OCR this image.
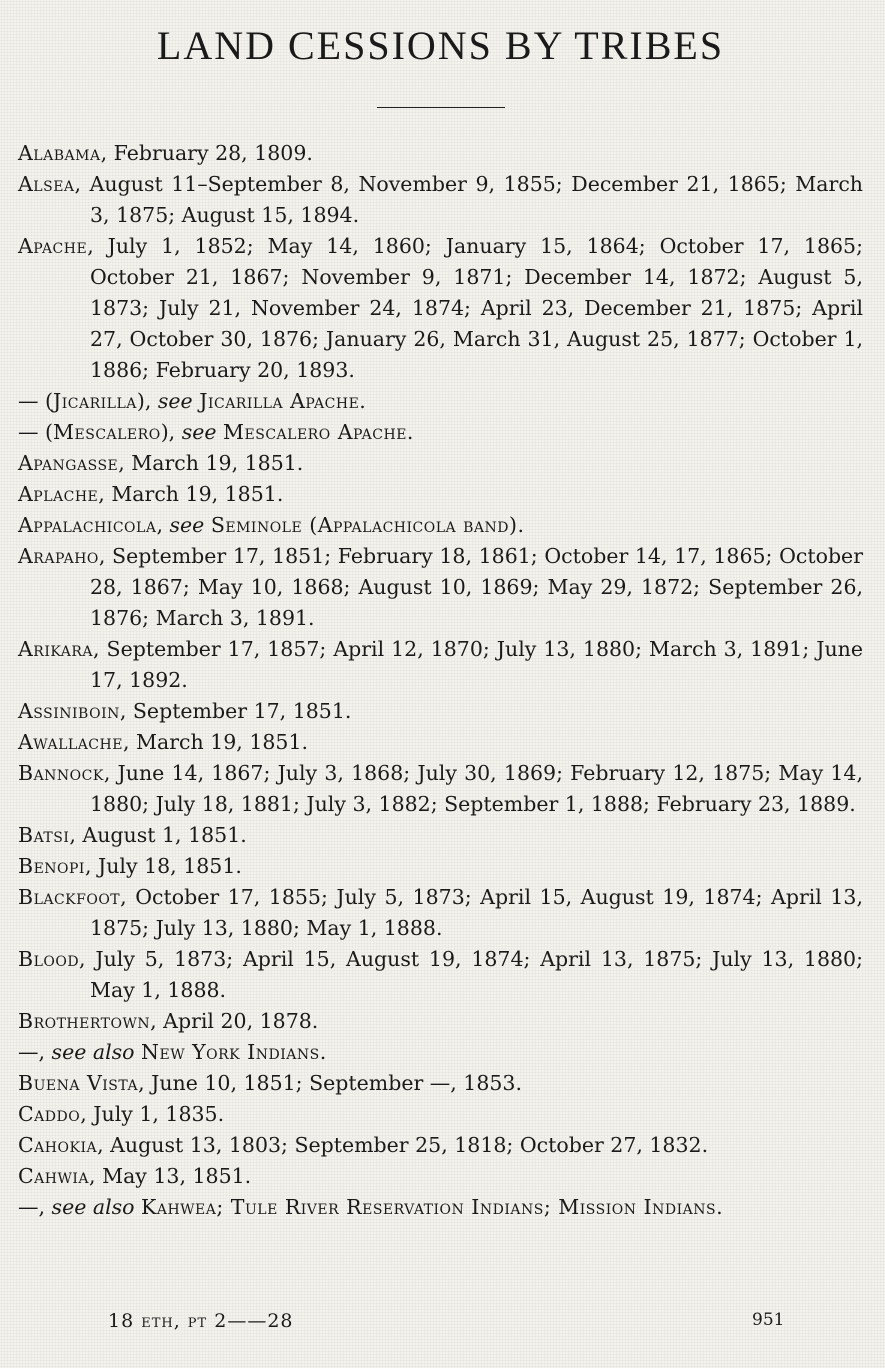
LAND CESSIONS BY TRIBES
Alabama, February 28, 1809.
Alsea, August 11–September 8, November 9, 1855; December 21, 1865; March 3, 1875; August 15, 1894.
Apache, July 1, 1852; May 14, 1860; January 15, 1864; October 17, 1865; October 21, 1867; November 9, 1871; December 14, 1872; August 5, 1873; July 21, November 24, 1874; April 23, December 21, 1875; April 27, October 30, 1876; January 26, March 31, August 25, 1877; October 1, 1886; February 20, 1893.
— (Jicarilla), see Jicarilla Apache.
— (Mescalero), see Mescalero Apache.
Apangasse, March 19, 1851.
Aplache, March 19, 1851.
Appalachicola, see Seminole (Appalachicola band).
Arapaho, September 17, 1851; February 18, 1861; October 14, 17, 1865; October 28, 1867; May 10, 1868; August 10, 1869; May 29, 1872; September 26, 1876; March 3, 1891.
Arikara, September 17, 1857; April 12, 1870; July 13, 1880; March 3, 1891; June 17, 1892.
Assiniboin, September 17, 1851.
Awallache, March 19, 1851.
Bannock, June 14, 1867; July 3, 1868; July 30, 1869; February 12, 1875; May 14, 1880; July 18, 1881; July 3, 1882; September 1, 1888; February 23, 1889.
Batsi, August 1, 1851.
Benopi, July 18, 1851.
Blackfoot, October 17, 1855; July 5, 1873; April 15, August 19, 1874; April 13, 1875; July 13, 1880; May 1, 1888.
Blood, July 5, 1873; April 15, August 19, 1874; April 13, 1875; July 13, 1880; May 1, 1888.
Brothertown, April 20, 1878.
—, see also New York Indians.
Buena Vista, June 10, 1851; September —, 1853.
Caddo, July 1, 1835.
Cahokia, August 13, 1803; September 25, 1818; October 27, 1832.
Cahwia, May 13, 1851.
—, see also Kahwea; Tule River Reservation Indians; Mission Indians.
18 eth, pt 2——28	951
